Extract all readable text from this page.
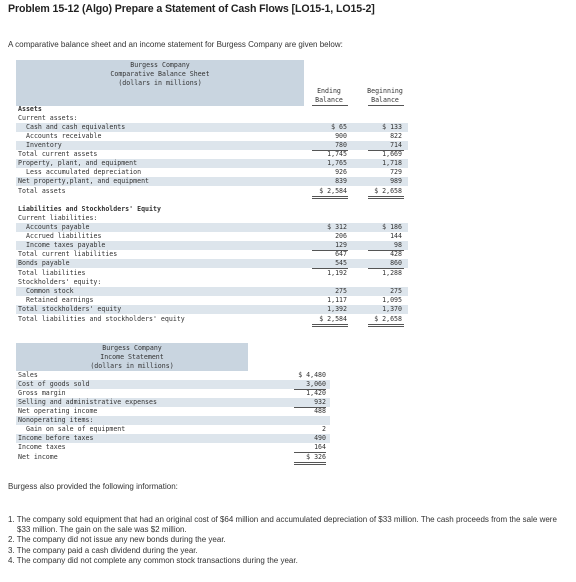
Problem 15-12 (Algo) Prepare a Statement of Cash Flows [LO15-1, LO15-2]
A comparative balance sheet and an income statement for Burgess Company are given below:
Burgess Company
Comparative Balance Sheet
(dollars in millions)
Ending
Balance
Beginning
Balance
Assets
Current assets:
Cash and cash equivalents	$ 65	$ 133
Accounts receivable	900	822
Inventory	780	714
Total current assets	1,745	1,669
Property, plant, and equipment	1,765	1,718
Less accumulated depreciation	926	729
Net property,plant, and equipment	839	989
Total assets	$ 2,584	$ 2,658
Liabilities and Stockholders' Equity
Current liabilities:
Accounts payable	$ 312	$ 186
Accrued liabilities	206	144
Income taxes payable	129	98
Total current liabilities	647	428
Bonds payable	545	860
Total liabilities	1,192	1,288
Stockholders' equity:
Common stock	275	275
Retained earnings	1,117	1,095
Total stockholders' equity	1,392	1,370
Total liabilities and stockholders' equity	$ 2,584	$ 2,658
Burgess Company
Income Statement
(dollars in millions)
Sales	$ 4,480
Cost of goods sold	3,060
Gross margin	1,420
Selling and administrative expenses	932
Net operating income	488
Nonoperating items:
Gain on sale of equipment	2
Income before taxes	490
Income taxes	164
Net income	$ 326
Burgess also provided the following information:
1. The company sold equipment that had an original cost of $64 million and accumulated depreciation of $33 million. The cash proceeds from the sale were $33 million. The gain on the sale was $2 million.
2. The company did not issue any new bonds during the year.
3. The company paid a cash dividend during the year.
4. The company did not complete any common stock transactions during the year.
